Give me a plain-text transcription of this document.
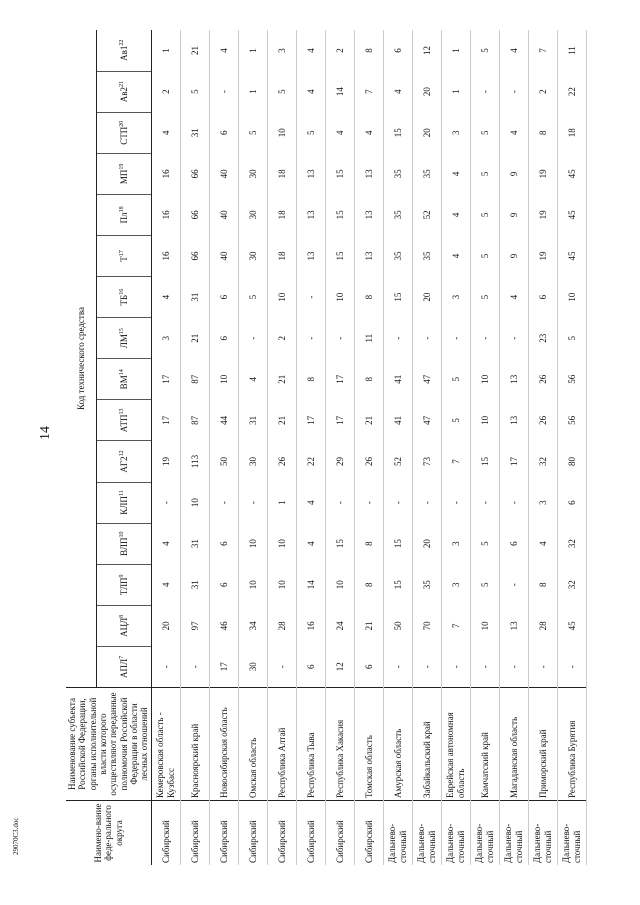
14
Наимено-вание феде-рального округа	Наименование субъекта Российской Федерации, органы исполнительной власти которого осуществляют переданные полномочия Российской Федерации в области лесных отношений	Код технического средства															
		АПЛ$^7$	АЦЛ$^8$	ТЛП$^9$	ВЛП$^{10}$	КЛП$^{11}$	$АГ2^{12}$	АТП$^{13}$	ВМ$^{14}$	ЛМ$^{15}$	ТБ$^{16}$	$Т^{17}$	$Пл^{18}$	МП$^{19}$	СТП$^{20}$	$Ав2^{21}$	$Ав1^{22}$
Сибирский	Кемеровская область - Кузбасс	-	20	4	4	-	19	17	17	3	4	16	16	16	4	2	1
Сибирский	Красноярский край	-	97	31	31	10	113	87	87	21	31	66	66	66	31	5	21
Сибирский	Новосибирская область	17	46	6	6	-	50	44	10	6	6	40	40	40	6	-	4
Сибирский	Омская область	30	34	10	10	-	30	31	4	-	5	30	30	30	5	1	1
Сибирский	Республика Алтай	-	28	10	10	1	26	21	21	2	10	18	18	18	10	5	3
Сибирский	Республика Тыва	6	16	14	4	4	22	17	8	-	-	13	13	13	5	4	4
Сибирский	Республика Хакасия	12	24	10	15	-	29	17	17	-	10	15	15	15	4	14	2
Сибирский	Томская область	6	21	8	8	-	26	21	8	11	8	13	13	13	4	7	8
Дальнево-сточный	Амурская область	-	50	15	15	-	52	41	41	-	15	35	35	35	15	4	6
Дальнево-сточный	Забайкальский край	-	70	35	20	-	73	47	47	-	20	35	52	35	20	20	12
Дальнево-сточный	Еврейская автономная область	-	7	3	3	-	7	5	5	-	3	4	4	4	3	1	1
Дальнево-сточный	Камчатский край	-	10	5	5	-	15	10	10	-	5	5	5	5	5	-	5
Дальнево-сточный	Магаданская область	-	13	-	6	-	17	13	13	-	4	9	9	9	4	-	4
Дальнево-сточный	Приморский край	-	28	8	4	3	32	26	26	23	6	19	19	19	8	2	7
Дальнево-сточный	Республика Бурятия	-	45	32	32	6	80	56	56	5	10	45	45	45	18	22	11
29070С3.doc
